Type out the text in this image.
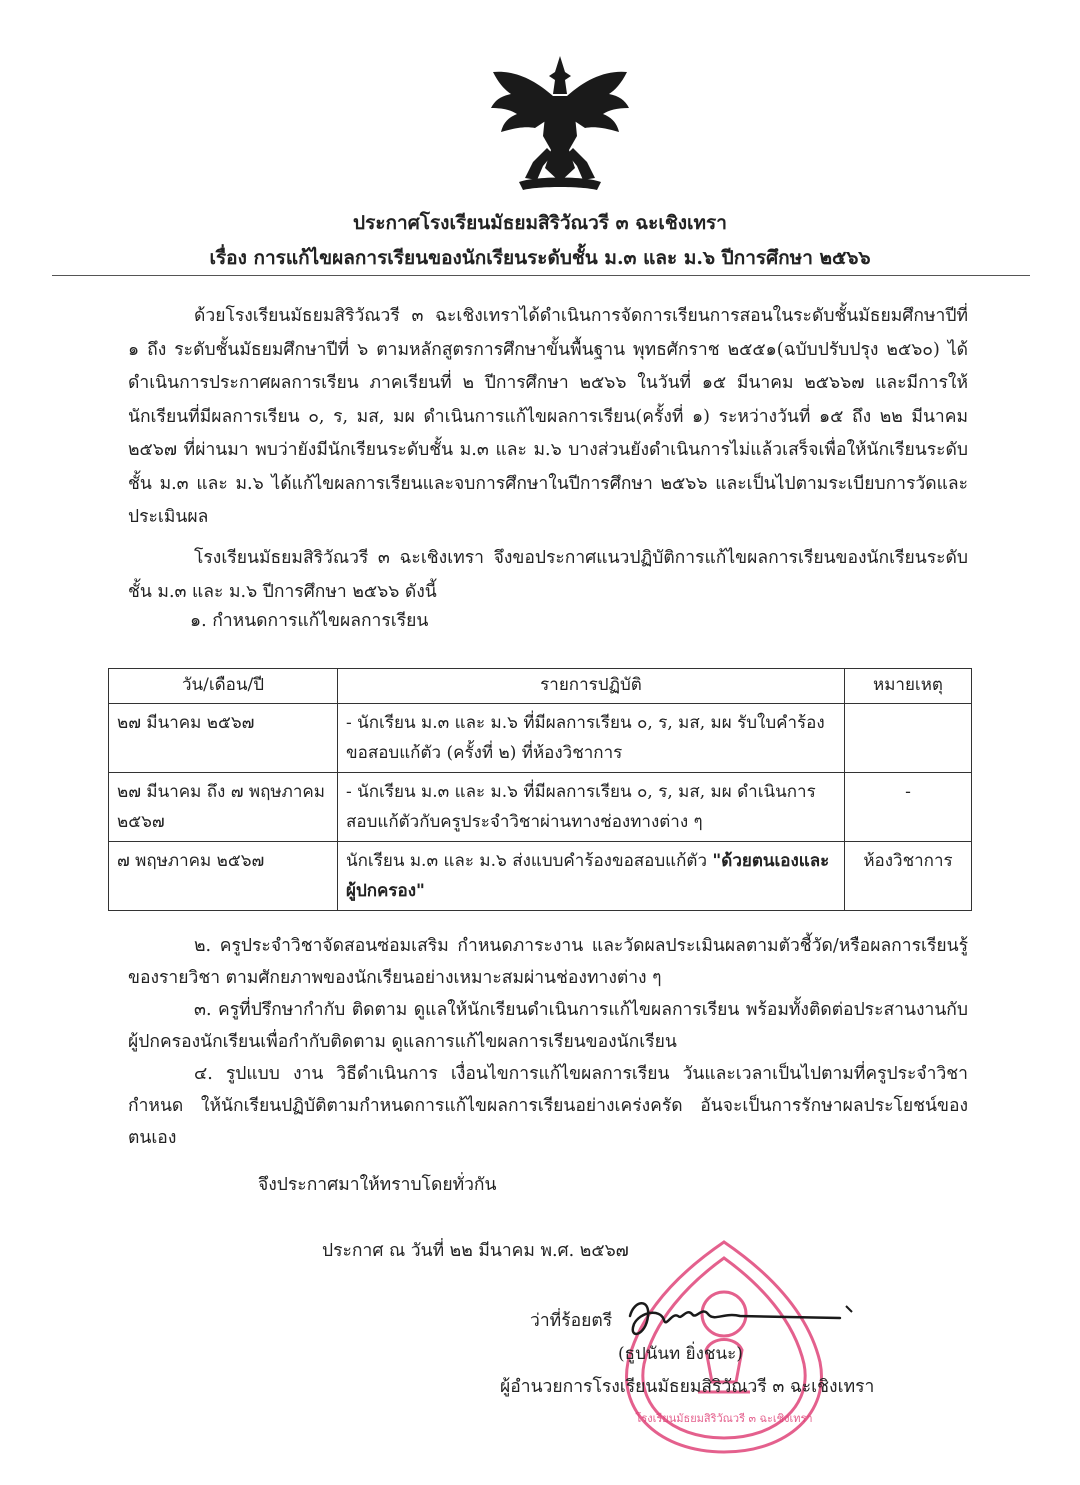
ประกาศโรงเรียนมัธยมสิริวัณวรี ๓ ฉะเชิงเทรา
เรื่อง การแก้ไขผลการเรียนของนักเรียนระดับชั้น ม.๓ และ ม.๖ ปีการศึกษา ๒๕๖๖
ด้วยโรงเรียนมัธยมสิริวัณวรี ๓ ฉะเชิงเทราได้ดำเนินการจัดการเรียนการสอนในระดับชั้นมัธยมศึกษาปีที่ ๑ ถึง ระดับชั้นมัธยมศึกษาปีที่ ๖ ตามหลักสูตรการศึกษาขั้นพื้นฐาน พุทธศักราช ๒๕๕๑(ฉบับปรับปรุง ๒๕๖๐) ได้ดำเนินการประกาศผลการเรียน ภาคเรียนที่ ๒ ปีการศึกษา ๒๕๖๖ ในวันที่ ๑๕ มีนาคม ๒๕๖๖๗ และมีการให้นักเรียนที่มีผลการเรียน ๐, ร, มส, มผ ดำเนินการแก้ไขผลการเรียน(ครั้งที่ ๑) ระหว่างวันที่ ๑๕ ถึง ๒๒ มีนาคม ๒๕๖๗ ที่ผ่านมา พบว่ายังมีนักเรียนระดับชั้น ม.๓ และ ม.๖ บางส่วนยังดำเนินการไม่แล้วเสร็จเพื่อให้นักเรียนระดับชั้น ม.๓ และ ม.๖ ได้แก้ไขผลการเรียนและจบการศึกษาในปีการศึกษา ๒๕๖๖ และเป็นไปตามระเบียบการวัดและประเมินผล
โรงเรียนมัธยมสิริวัณวรี ๓ ฉะเชิงเทรา จึงขอประกาศแนวปฏิบัติการแก้ไขผลการเรียนของนักเรียนระดับชั้น ม.๓ และ ม.๖ ปีการศึกษา ๒๕๖๖ ดังนี้
๑. กำหนดการแก้ไขผลการเรียน
วัน/เดือน/ปี	รายการปฏิบัติ	หมายเหตุ
๒๗ มีนาคม ๒๕๖๗	- นักเรียน ม.๓ และ ม.๖ ที่มีผลการเรียน ๐, ร, มส, มผ รับใบคำร้องขอสอบแก้ตัว (ครั้งที่ ๒) ที่ห้องวิชาการ	
๒๗ มีนาคม ถึง ๗ พฤษภาคม ๒๕๖๗	- นักเรียน ม.๓ และ ม.๖ ที่มีผลการเรียน ๐, ร, มส, มผ ดำเนินการสอบแก้ตัวกับครูประจำวิชาผ่านทางช่องทางต่าง ๆ	-
๗ พฤษภาคม ๒๕๖๗	นักเรียน ม.๓ และ ม.๖ ส่งแบบคำร้องขอสอบแก้ตัว "ด้วยตนเองและผู้ปกครอง"	ห้องวิชาการ

๒. ครูประจำวิชาจัดสอนซ่อมเสริม กำหนดภาระงาน และวัดผลประเมินผลตามตัวชี้วัด/หรือผลการเรียนรู้ของรายวิชา ตามศักยภาพของนักเรียนอย่างเหมาะสมผ่านช่องทางต่าง ๆ

๓. ครูที่ปรึกษากำกับ ติดตาม ดูแลให้นักเรียนดำเนินการแก้ไขผลการเรียน พร้อมทั้งติดต่อประสานงานกับผู้ปกครองนักเรียนเพื่อกำกับติดตาม ดูแลการแก้ไขผลการเรียนของนักเรียน

๔. รูปแบบ งาน วิธีดำเนินการ เงื่อนไขการแก้ไขผลการเรียน วันและเวลาเป็นไปตามที่ครูประจำวิชากำหนด ให้นักเรียนปฏิบัติตามกำหนดการแก้ไขผลการเรียนอย่างเคร่งครัด อันจะเป็นการรักษาผลประโยชน์ของตนเอง

จึงประกาศมาให้ทราบโดยทั่วกัน
ประกาศ ณ วันที่ ๒๒ มีนาคม พ.ศ. ๒๕๖๗
โรงเรียนมัธยมสิริวัณวรี ๓ ฉะเชิงเทรา
ว่าที่ร้อยตรี
(ธูปนันท ยิ่งชนะ)
ผู้อำนวยการโรงเรียนมัธยมสิริวัณวรี ๓ ฉะเชิงเทรา
